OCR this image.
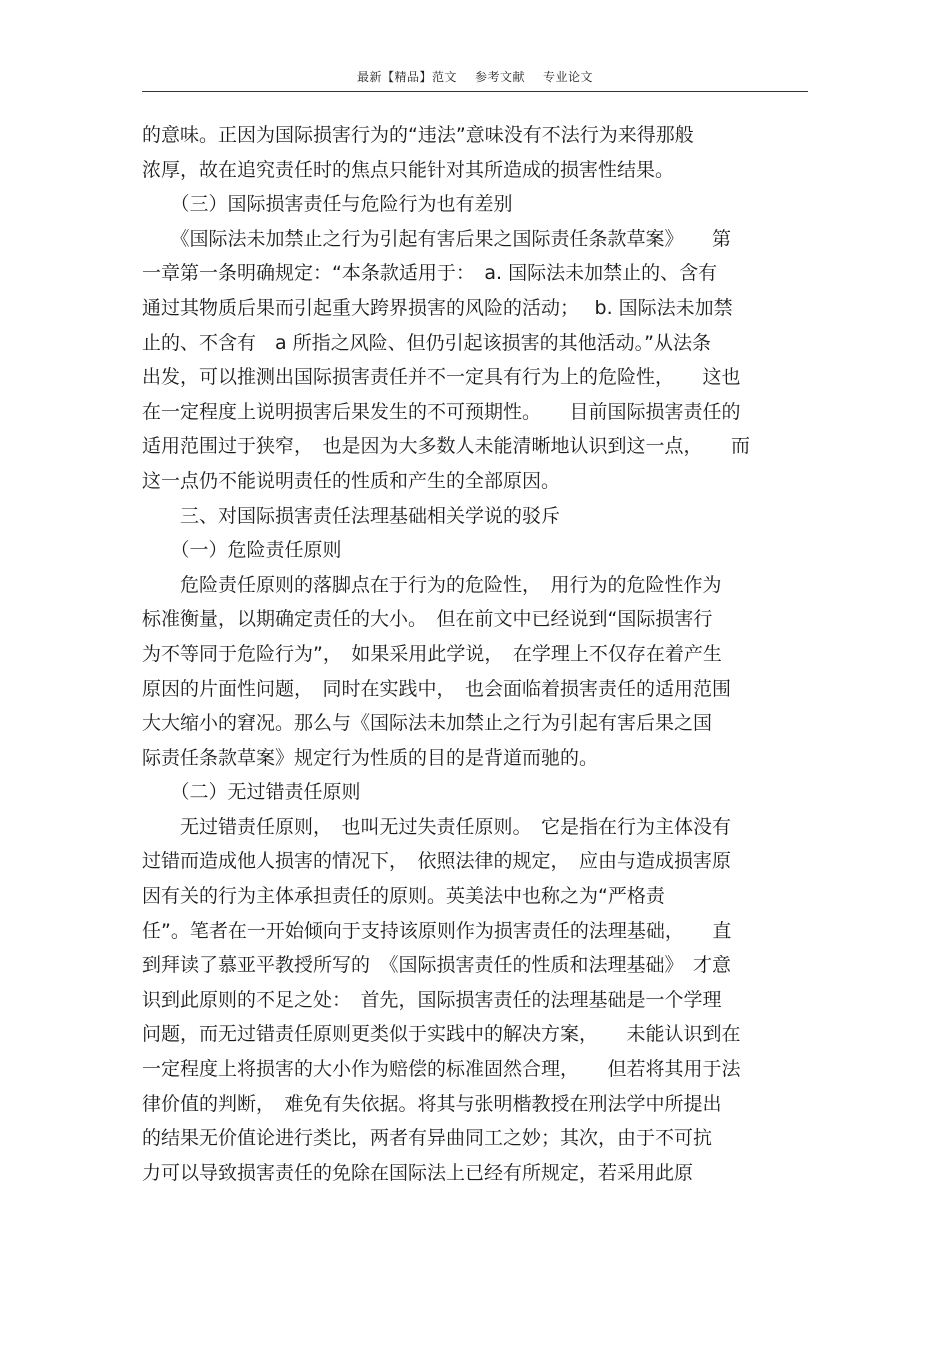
最新【精品】范文 参考文献 专业论文
的意味。正因为国际损害行为的“违法”意味没有不法行为来得那般
浓厚，故在追究责任时的焦点只能针对其所造成的损害性结果。
　　（三）国际损害责任与危险行为也有差别
　　《国际法未加禁止之行为引起有害后果之国际责任条款草案》　　第
一章第一条明确规定：“本条款适用于：　a. 国际法未加禁止的、含有
通过其物质后果而引起重大跨界损害的风险的活动；　 b. 国际法未加禁
止的、不含有　a 所指之风险、但仍引起该损害的其他活动。”从法条
出发，可以推测出国际损害责任并不一定具有行为上的危险性，　　这也
在一定程度上说明损害后果发生的不可预期性。　　目前国际损害责任的
适用范围过于狭窄，　也是因为大多数人未能清晰地认识到这一点，　　而
这一点仍不能说明责任的性质和产生的全部原因。
　　三、对国际损害责任法理基础相关学说的驳斥
　　（一）危险责任原则
　　危险责任原则的落脚点在于行为的危险性，　用行为的危险性作为
标准衡量，以期确定责任的大小。　但在前文中已经说到“国际损害行
为不等同于危险行为”，　如果采用此学说，　在学理上不仅存在着产生
原因的片面性问题，　同时在实践中，　也会面临着损害责任的适用范围
大大缩小的窘况。那么与《国际法未加禁止之行为引起有害后果之国
际责任条款草案》规定行为性质的目的是背道而驰的。
　　（二）无过错责任原则
　　无过错责任原则，　也叫无过失责任原则。　它是指在行为主体没有
过错而造成他人损害的情况下，　依照法律的规定，　应由与造成损害原
因有关的行为主体承担责任的原则。英美法中也称之为“严格责
任”。笔者在一开始倾向于支持该原则作为损害责任的法理基础，　　直
到拜读了慕亚平教授所写的　《国际损害责任的性质和法理基础》　才意
识到此原则的不足之处：　首先，国际损害责任的法理基础是一个学理
问题，而无过错责任原则更类似于实践中的解决方案，　　未能认识到在
一定程度上将损害的大小作为赔偿的标准固然合理，　　但若将其用于法
律价值的判断，　难免有失依据。将其与张明楷教授在刑法学中所提出
的结果无价值论进行类比，两者有异曲同工之妙；其次，由于不可抗
力可以导致损害责任的免除在国际法上已经有所规定，若采用此原
